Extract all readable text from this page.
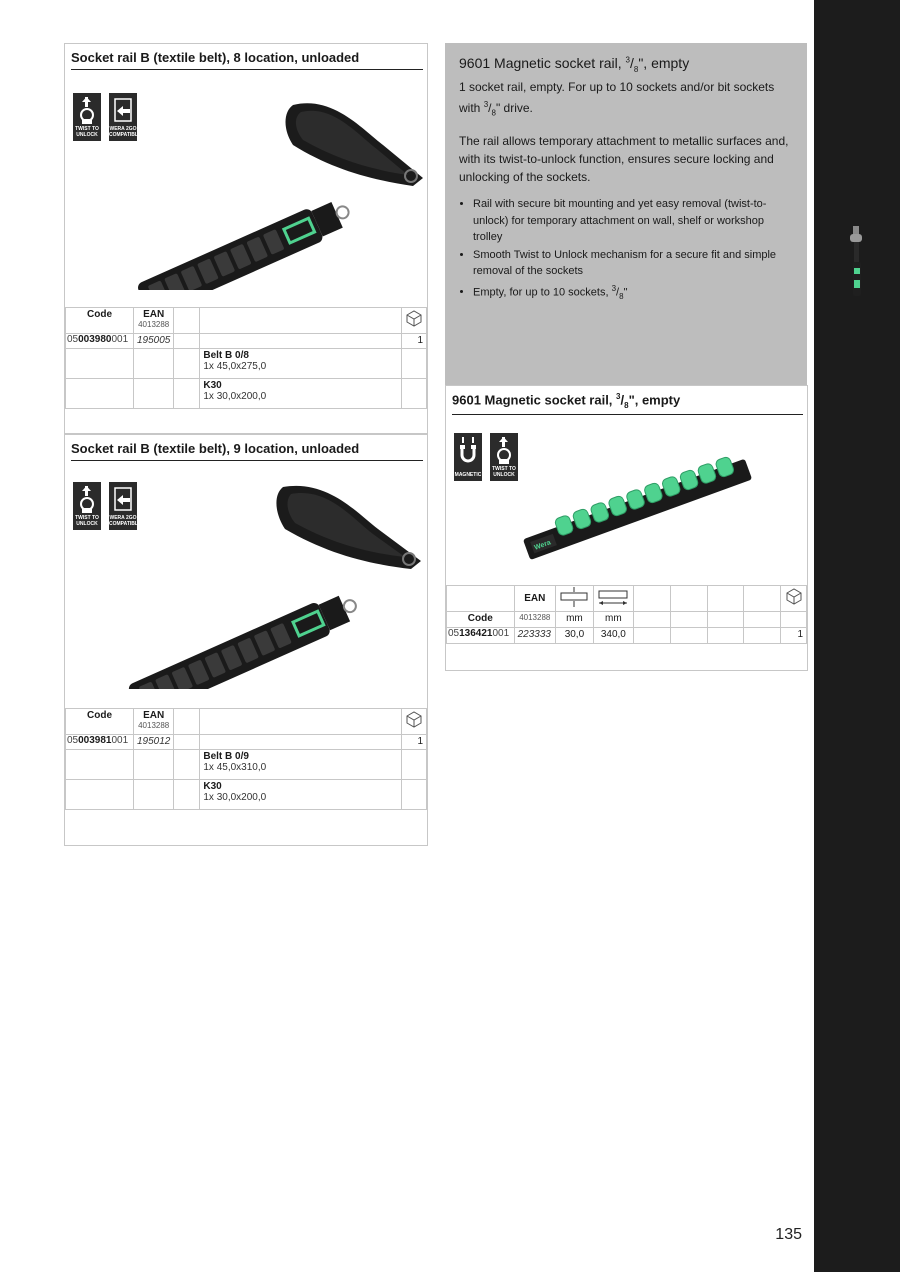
Socket rail B (textile belt), 8 location, unloaded
TWIST TO
UNLOCK
WERA 2GO
COMPATIBLE
Code	EAN
4013288

05003980001	195005			1

			Belt B 0/8
1x 45,0x275,0	

			K30
1x 30,0x200,0	

Socket rail B (textile belt), 9 location, unloaded
TWIST TO
UNLOCK
WERA 2GO
COMPATIBLE
Code	EAN
4013288

05003981001	195012			1

			Belt B 0/9
1x 45,0x310,0	

			K30
1x 30,0x200,0	

9601 Magnetic socket rail, $^3/_8$", empty

1 socket rail, empty. For up to 10 sockets and/or bit sockets with $^3/_8$" drive.

The rail allows temporary attachment to metallic surfaces and, with its twist-to-unlock function, ensures secure locking and unlocking of the sockets.

• Rail with secure bit mounting and yet easy removal (twist-to-unlock) for temporary attachment on wall, shelf or workshop trolley
• Smooth Twist to Unlock mechanism for a secure fit and simple removal of the sockets
• Empty, for up to 10 sockets, $^3/_8$"
9601 Magnetic socket rail, $^3/_8$", empty
MAGNETIC

TWIST TO
UNLOCK
Wera

	EAN

Code	4013288	mm	mm					
05136421001	223333	30,0	340,0					1
135
